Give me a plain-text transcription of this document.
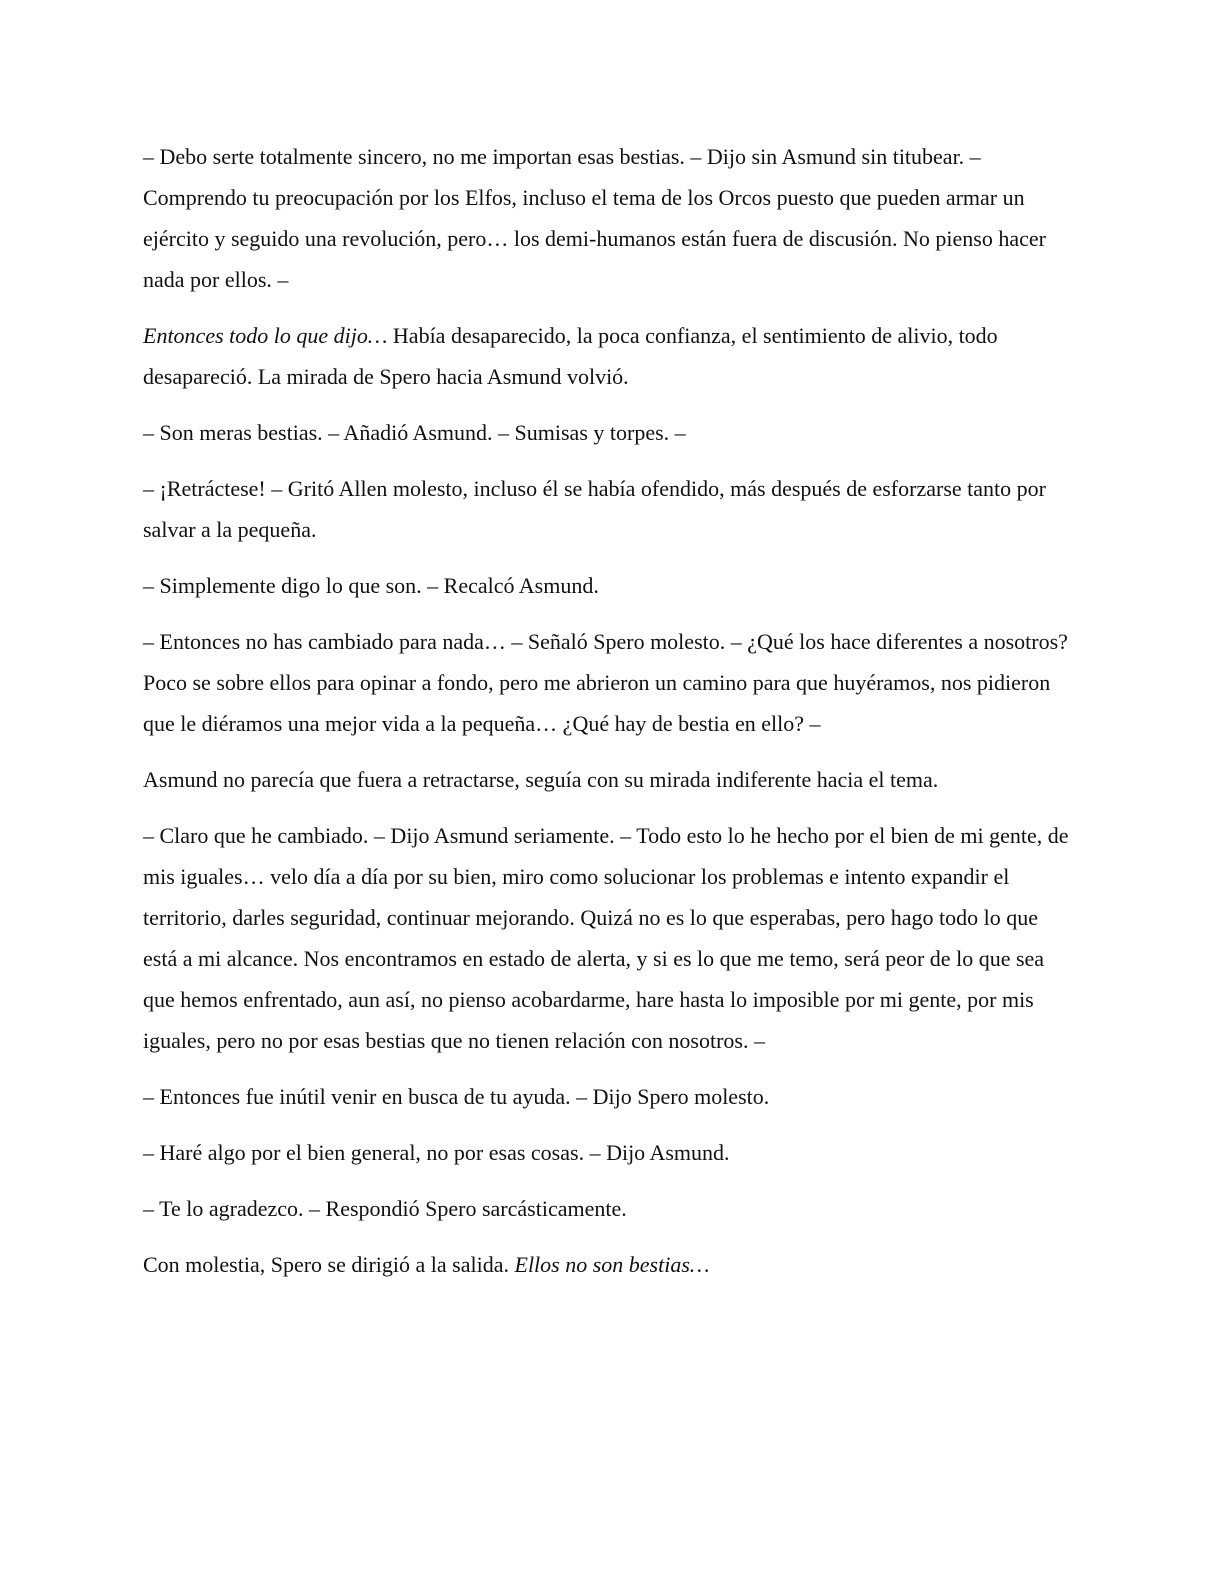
– Debo serte totalmente sincero, no me importan esas bestias. – Dijo sin Asmund sin titubear. – Comprendo tu preocupación por los Elfos, incluso el tema de los Orcos puesto que pueden armar un ejército y seguido una revolución, pero… los demi-humanos están fuera de discusión. No pienso hacer nada por ellos. –

Entonces todo lo que dijo… Había desaparecido, la poca confianza, el sentimiento de alivio, todo desapareció. La mirada de Spero hacia Asmund volvió.

– Son meras bestias. – Añadió Asmund. – Sumisas y torpes. –

– ¡Retráctese! – Gritó Allen molesto, incluso él se había ofendido, más después de esforzarse tanto por salvar a la pequeña.

– Simplemente digo lo que son. – Recalcó Asmund.

– Entonces no has cambiado para nada… – Señaló Spero molesto. – ¿Qué los hace diferentes a nosotros? Poco se sobre ellos para opinar a fondo, pero me abrieron un camino para que huyéramos, nos pidieron que le diéramos una mejor vida a la pequeña… ¿Qué hay de bestia en ello? –

Asmund no parecía que fuera a retractarse, seguía con su mirada indiferente hacia el tema.

– Claro que he cambiado. – Dijo Asmund seriamente. – Todo esto lo he hecho por el bien de mi gente, de mis iguales… velo día a día por su bien, miro como solucionar los problemas e intento expandir el territorio, darles seguridad, continuar mejorando. Quizá no es lo que esperabas, pero hago todo lo que está a mi alcance. Nos encontramos en estado de alerta, y si es lo que me temo, será peor de lo que sea que hemos enfrentado, aun así, no pienso acobardarme, hare hasta lo imposible por mi gente, por mis iguales, pero no por esas bestias que no tienen relación con nosotros. –

– Entonces fue inútil venir en busca de tu ayuda. – Dijo Spero molesto.

– Haré algo por el bien general, no por esas cosas. – Dijo Asmund.

– Te lo agradezco. – Respondió Spero sarcásticamente.

Con molestia, Spero se dirigió a la salida. Ellos no son bestias…
